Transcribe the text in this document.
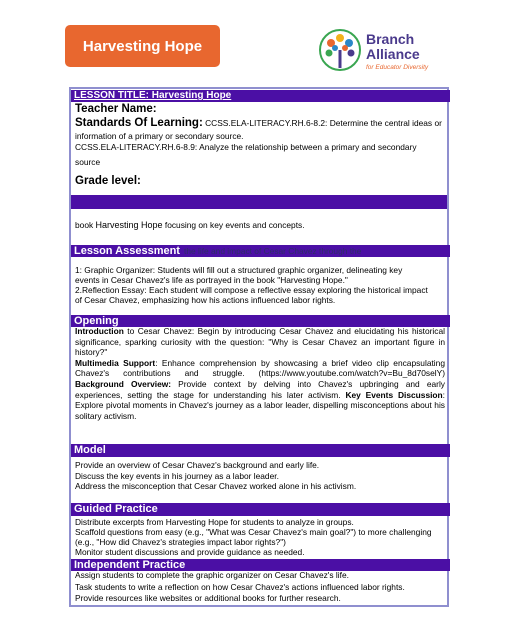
Harvesting Hope	Branch
Alliance
for Educator Diversity
LESSON TITLE: Harvesting Hope
Teacher Name:
Standards Of Learning: CCSS.ELA-LITERACY.RH.6-8.2: Determine the central ideas or
information of a primary or secondary source.
CCSS.ELA-LITERACY.RH.6-8.9: Analyze the relationship between a primary and secondary
source
Grade level:
book Harvesting Hope focusing on key events and concepts.
Lesson Assessment the life and impact of Cesar Chavez through the
1: Graphic Organizer: Students will fill out a structured graphic organizer, delineating key
events in Cesar Chavez's life as portrayed in the book "Harvesting Hope."
2.Reflection Essay: Each student will compose a reflective essay exploring the historical impact
of Cesar Chavez, emphasizing how his actions influenced labor rights.
Opening
Introduction to Cesar Chavez: Begin by introducing Cesar Chavez and elucidating his historical significance, sparking curiosity with the question: "Why is Cesar Chavez an important figure in history?"
Multimedia Support: Enhance comprehension by showcasing a brief video clip encapsulating Chavez's contributions and struggle. (https://www.youtube.com/watch?v=Bu_8d70selY) Background Overview: Provide context by delving into Chavez's upbringing and early experiences, setting the stage for understanding his later activism. Key Events Discussion: Explore pivotal moments in Chavez's journey as a labor leader, dispelling misconceptions about his solitary activism.
Model
Provide an overview of Cesar Chavez's background and early life.
Discuss the key events in his journey as a labor leader.
Address the misconception that Cesar Chavez worked alone in his activism.
Guided Practice
Distribute excerpts from Harvesting Hope for students to analyze in groups.
Scaffold questions from easy (e.g., "What was Cesar Chavez's main goal?") to more challenging
(e.g., "How did Chavez's strategies impact labor rights?")
Monitor student discussions and provide guidance as needed.
Independent Practice
Assign students to complete the graphic organizer on Cesar Chavez's life.
Task students to write a reflection on how Cesar Chavez's actions influenced labor rights.
Provide resources like websites or additional books for further research.
